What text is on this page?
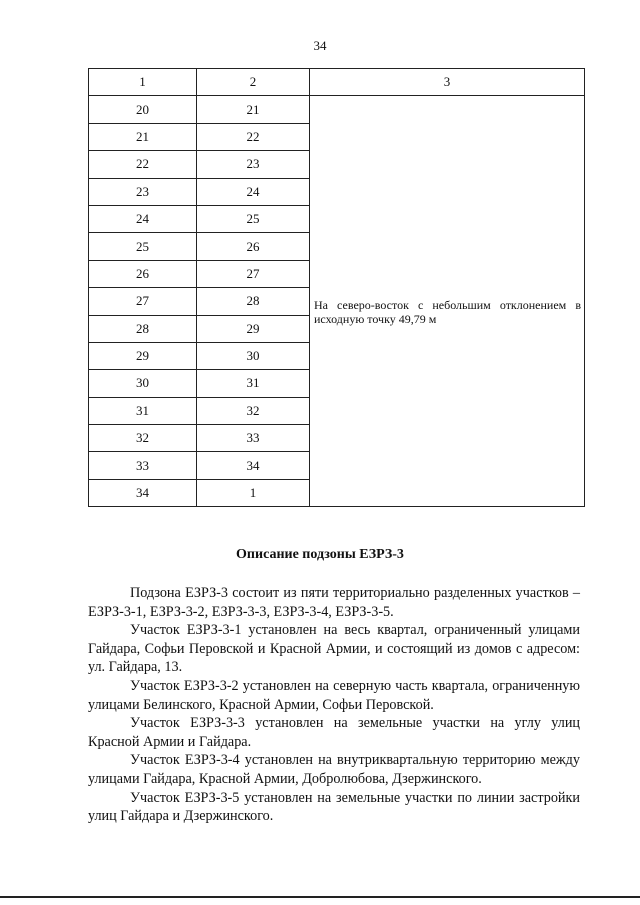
34
1	2	3
20	21	На северо-восток с небольшим отклонением в исходную точку 49,79 м

21	22	
22	23	
23	24	
24	25	
25	26	
26	27	
27	28	
28	29	
29	30	
30	31	
31	32	
32	33	
33	34	
34	1	
Описание подзоны ЕЗРЗ-3

Подзона ЕЗРЗ-3 состоит из пяти территориально разделенных участков – ЕЗРЗ-3-1, ЕЗРЗ-3-2, ЕЗРЗ-3-3, ЕЗРЗ-3-4, ЕЗРЗ-3-5.

Участок ЕЗРЗ-3-1 установлен на весь квартал, ограниченный улицами Гайдара, Софьи Перовской и Красной Армии, и состоящий из домов с адресом: ул. Гайдара, 13.

Участок ЕЗРЗ-3-2 установлен на северную часть квартала, ограниченную улицами Белинского, Красной Армии, Софьи Перовской.

Участок ЕЗРЗ-3-3 установлен на земельные участки на углу улиц Красной Армии и Гайдара.

Участок ЕЗРЗ-3-4 установлен на внутриквартальную территорию между улицами Гайдара, Красной Армии, Добролюбова, Дзержинского.

Участок ЕЗРЗ-3-5 установлен на земельные участки по линии застройки улиц Гайдара и Дзержинского.
